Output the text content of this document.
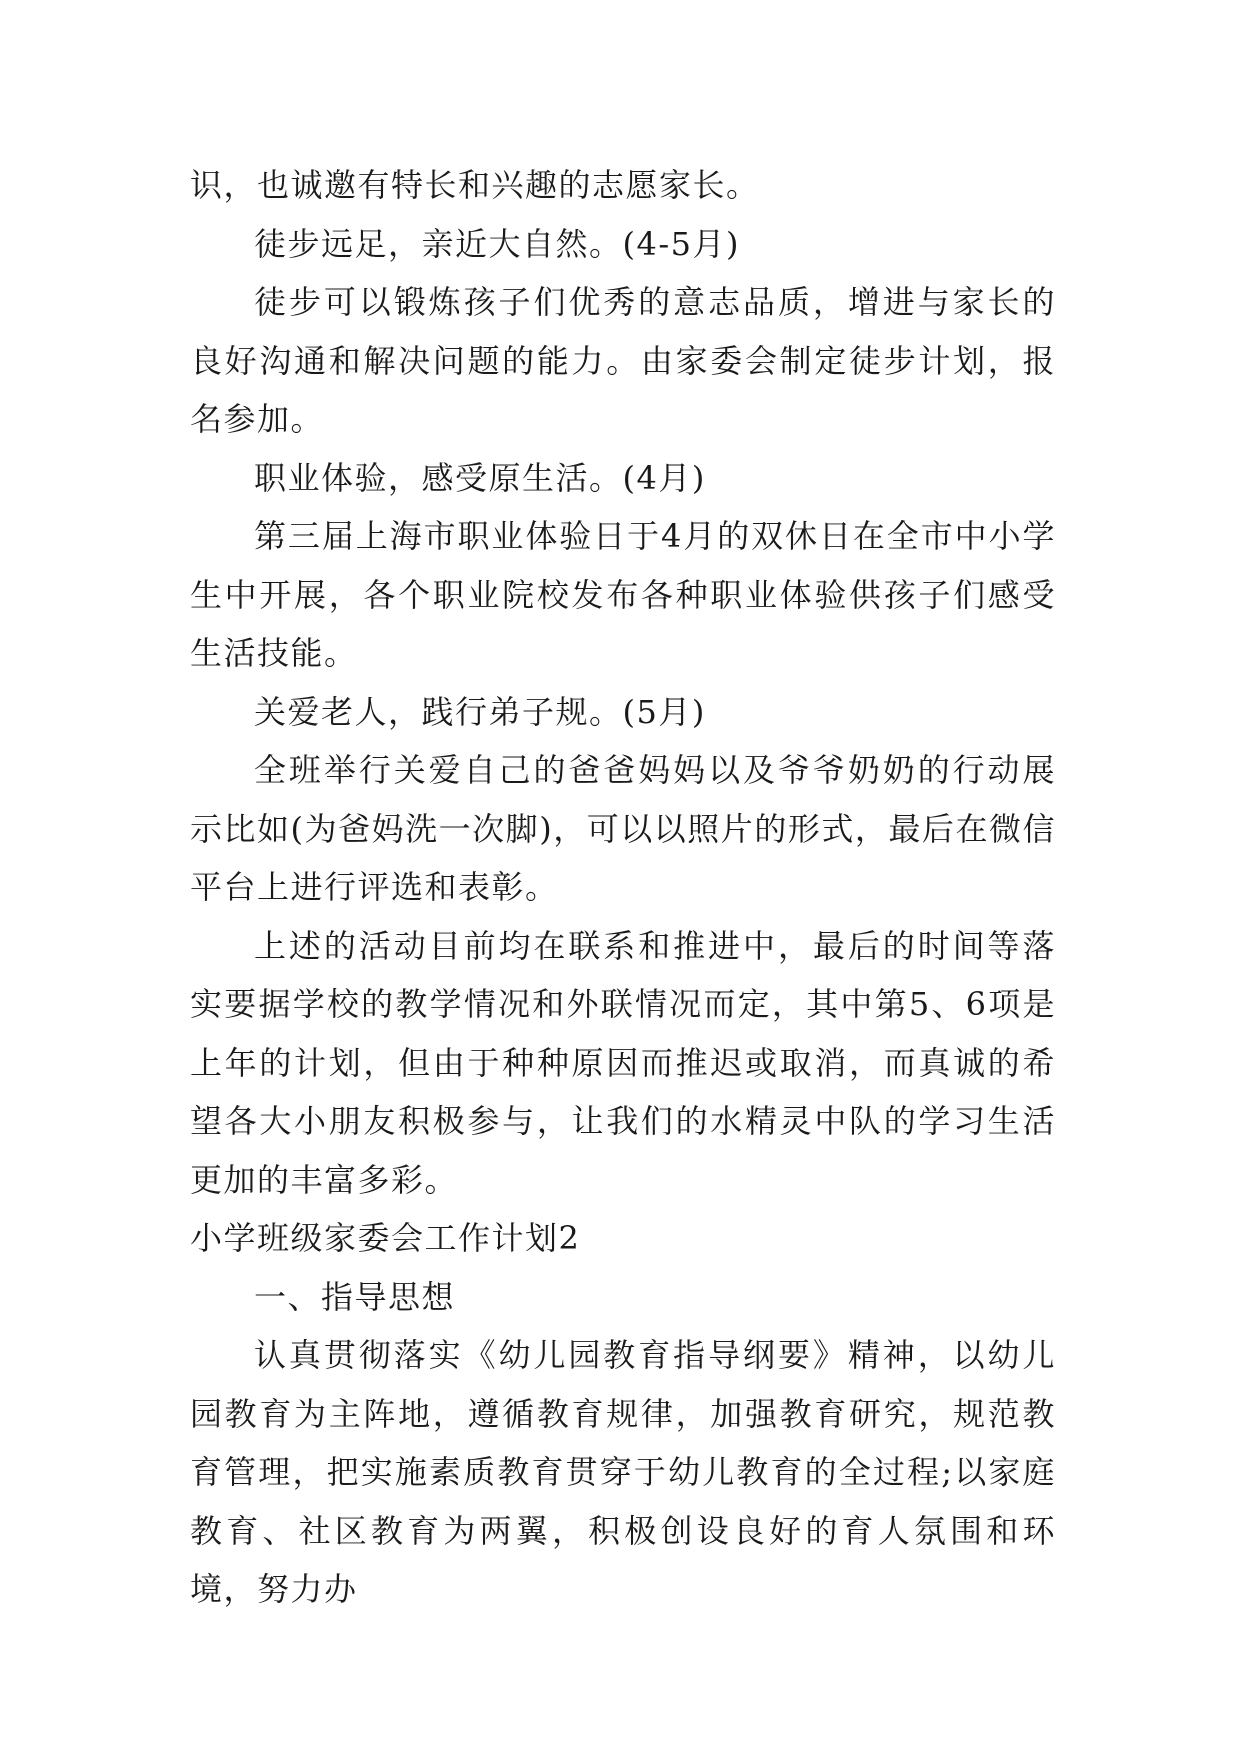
识，也诚邀有特长和兴趣的志愿家长。

徒步远足，亲近大自然。(4-5月)

徒步可以锻炼孩子们优秀的意志品质，增进与家长的良好沟通和解决问题的能力。由家委会制定徒步计划，报名参加。

职业体验，感受原生活。(4月)

第三届上海市职业体验日于4月的双休日在全市中小学生中开展，各个职业院校发布各种职业体验供孩子们感受生活技能。

关爱老人，践行弟子规。(5月)

全班举行关爱自己的爸爸妈妈以及爷爷奶奶的行动展示比如(为爸妈洗一次脚)，可以以照片的形式，最后在微信平台上进行评选和表彰。

上述的活动目前均在联系和推进中，最后的时间等落实要据学校的教学情况和外联情况而定，其中第5、6项是上年的计划，但由于种种原因而推迟或取消，而真诚的希望各大小朋友积极参与，让我们的水精灵中队的学习生活更加的丰富多彩。

小学班级家委会工作计划2

一、指导思想

认真贯彻落实《幼儿园教育指导纲要》精神，以幼儿园教育为主阵地，遵循教育规律，加强教育研究，规范教育管理，把实施素质教育贯穿于幼儿教育的全过程;以家庭教育、社区教育为两翼，积极创设良好的育人氛围和环境，努力办
